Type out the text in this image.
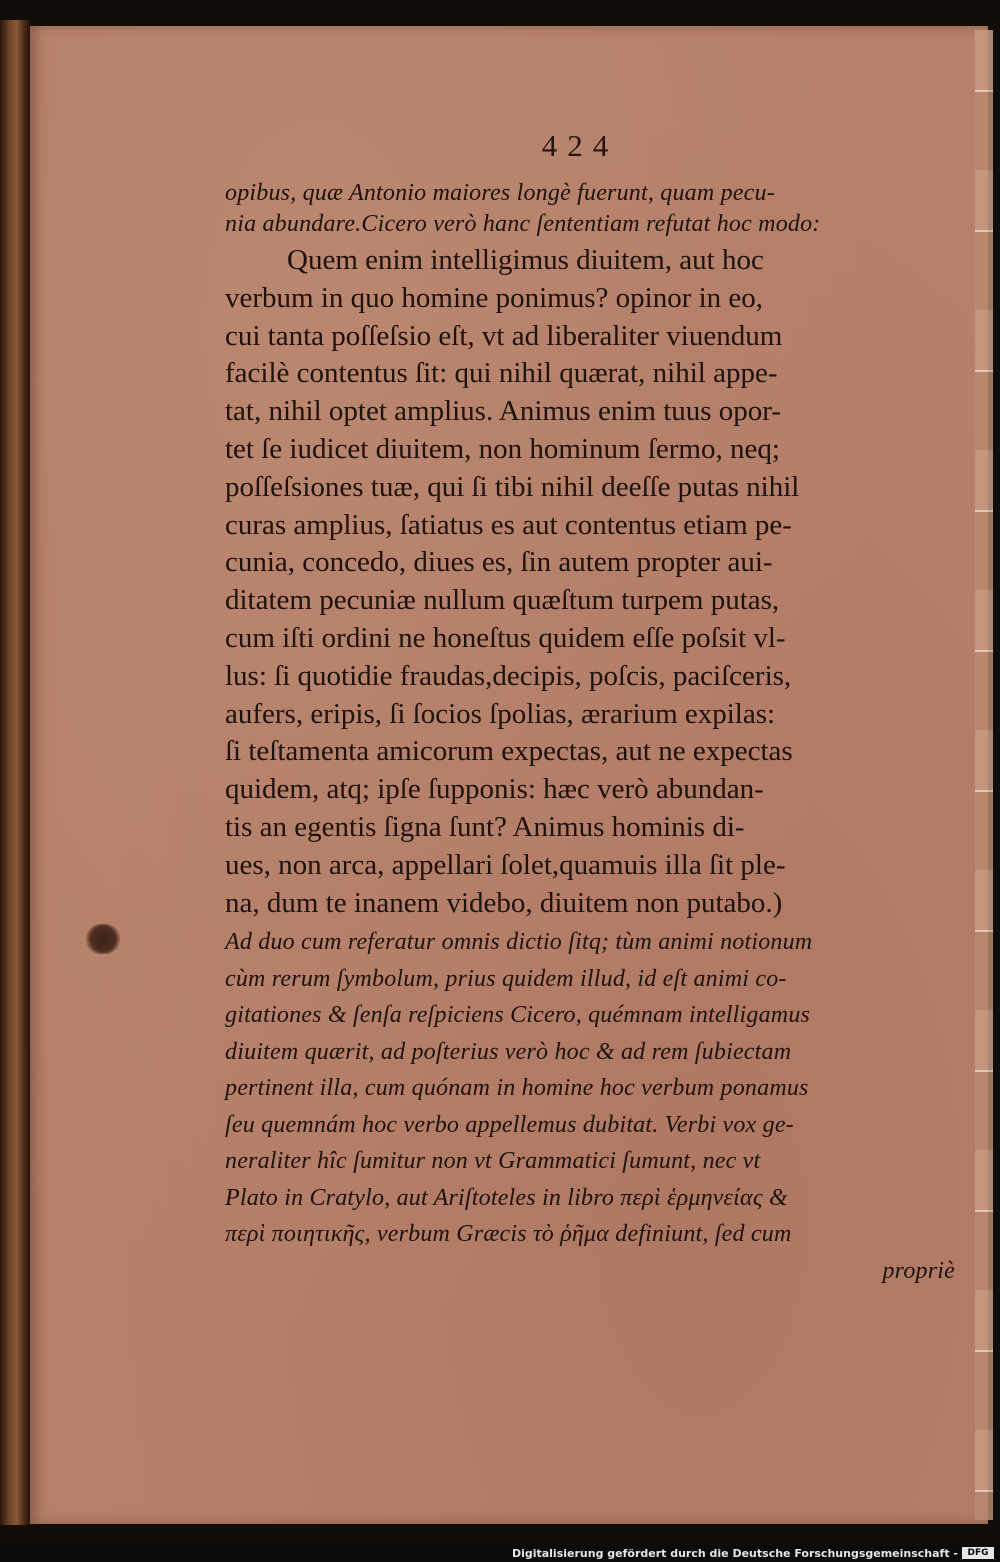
424
opibus, quæ Antonio maiores longè fuerunt, quam pecu-
nia abundare.Cicero verò hanc ſententiam refutat hoc modo:
Quem enim intelligimus diuitem, aut hoc
verbum in quo homine ponimus? opinor in eo,
cui tanta poſſeſsio eſt, vt ad liberaliter viuendum
facilè contentus ſit: qui nihil quærat, nihil appe-
tat, nihil optet amplius. Animus enim tuus opor-
tet ſe iudicet diuitem, non hominum ſermo, neq;
poſſeſsiones tuæ, qui ſi tibi nihil deeſſe putas nihil
curas amplius, ſatiatus es aut contentus etiam pe-
cunia, concedo, diues es, ſin autem propter aui-
ditatem pecuniæ nullum quæſtum turpem putas,
cum iſti ordini ne honeſtus quidem eſſe poſsit vl-
lus: ſi quotidie fraudas,decipis, poſcis, paciſceris,
aufers, eripis, ſi ſocios ſpolias, ærarium expilas:
ſi teſtamenta amicorum expectas, aut ne expectas
quidem, atq; ipſe ſupponis: hæc verò abundan-
tis an egentis ſigna ſunt? Animus hominis di-
ues, non arca, appellari ſolet,quamuis illa ſit ple-
na, dum te inanem videbo, diuitem non putabo.)
Ad duo cum referatur omnis dictio ſitq; tùm animi notionum
cùm rerum ſymbolum, prius quidem illud, id eſt animi co-
gitationes & ſenſa reſpiciens Cicero, quémnam intelligamus
diuitem quærit, ad poſterius verò hoc & ad rem ſubiectam
pertinent illa, cum quónam in homine hoc verbum ponamus
ſeu quemnám hoc verbo appellemus dubitat. Verbi vox ge-
neraliter hîc ſumitur non vt Grammatici ſumunt, nec vt
Plato in Cratylo, aut Ariſtoteles in libro περὶ ἑρμηνείας &
περὶ ποιητικῆς, verbum Græcis τὸ ῥῆμα definiunt, ſed cum
propriè
Digitalisierung gefördert durch die Deutsche Forschungsgemeinschaft -	DFG
